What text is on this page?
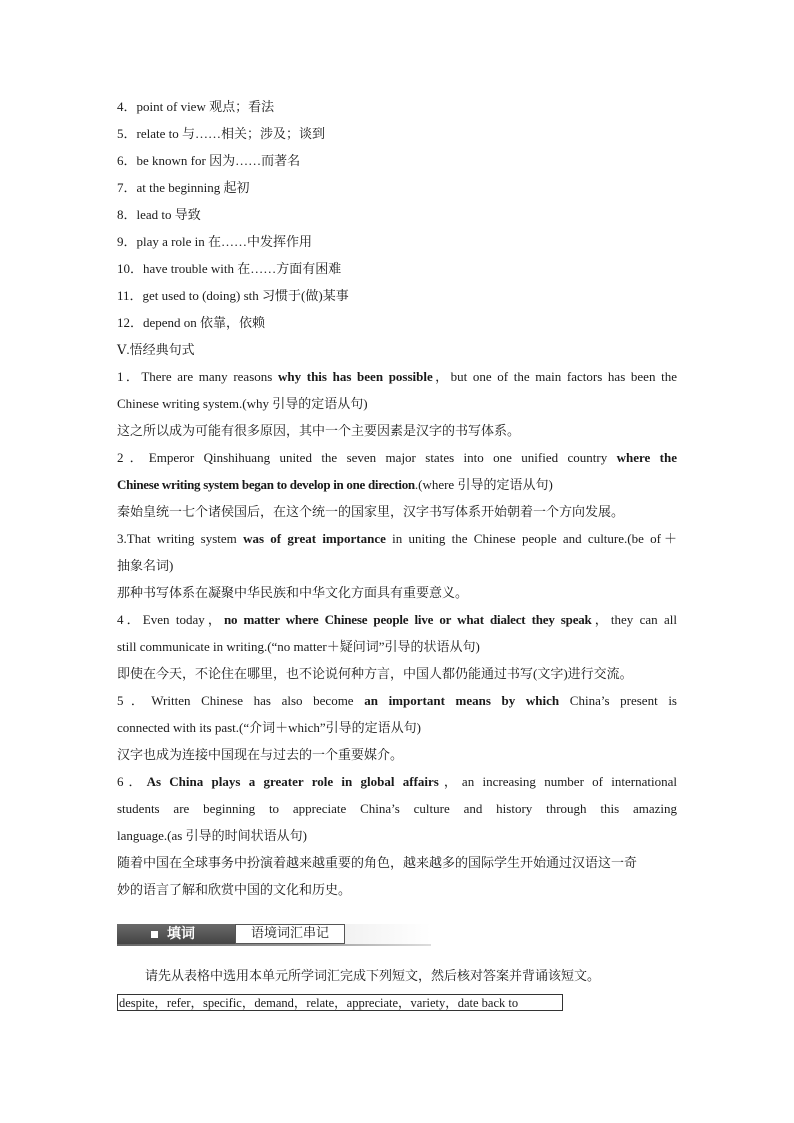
4．point of view 观点；看法
5．relate to 与……相关；涉及；谈到
6．be known for 因为……而著名
7．at the beginning 起初
8．lead to 导致
9．play a role in 在……中发挥作用
10．have trouble with 在……方面有困难
11．get used to (doing) sth 习惯于(做)某事
12．depend on 依靠，依赖
Ⅴ.悟经典句式
1．There are many reasons why this has been possible，but one of the main factors has been the
Chinese writing system.(why 引导的定语从句)
这之所以成为可能有很多原因，其中一个主要因素是汉字的书写体系。
2．Emperor Qinshihuang united the seven major states into one unified country where the
Chinese writing system began to develop in one direction.(where 引导的定语从句)
秦始皇统一七个诸侯国后，在这个统一的国家里，汉字书写体系开始朝着一个方向发展。
3.That writing system was of great importance in uniting the Chinese people and culture.(be of＋
抽象名词)
那种书写体系在凝聚中华民族和中华文化方面具有重要意义。
4．Even today，no matter where Chinese people live or what dialect they speak，they can all
still communicate in writing.(“no matter＋疑问词”引导的状语从句)
即使在今天，不论住在哪里，也不论说何种方言，中国人都仍能通过书写(文字)进行交流。
5．Written Chinese has also become an important means by which China’s present is
connected with its past.(“介词＋which”引导的定语从句)
汉字也成为连接中国现在与过去的一个重要媒介。
6．As China plays a greater role in global affairs，an increasing number of international
students are beginning to appreciate China’s culture and history through this amazing
language.(as 引导的时间状语从句)
随着中国在全球事务中扮演着越来越重要的角色，越来越多的国际学生开始通过汉语这一奇
妙的语言了解和欣赏中国的文化和历史。
填词	语境词汇串记
请先从表格中选用本单元所学词汇完成下列短文，然后核对答案并背诵该短文。
despite，refer，specific，demand，relate，appreciate，variety，date back to
